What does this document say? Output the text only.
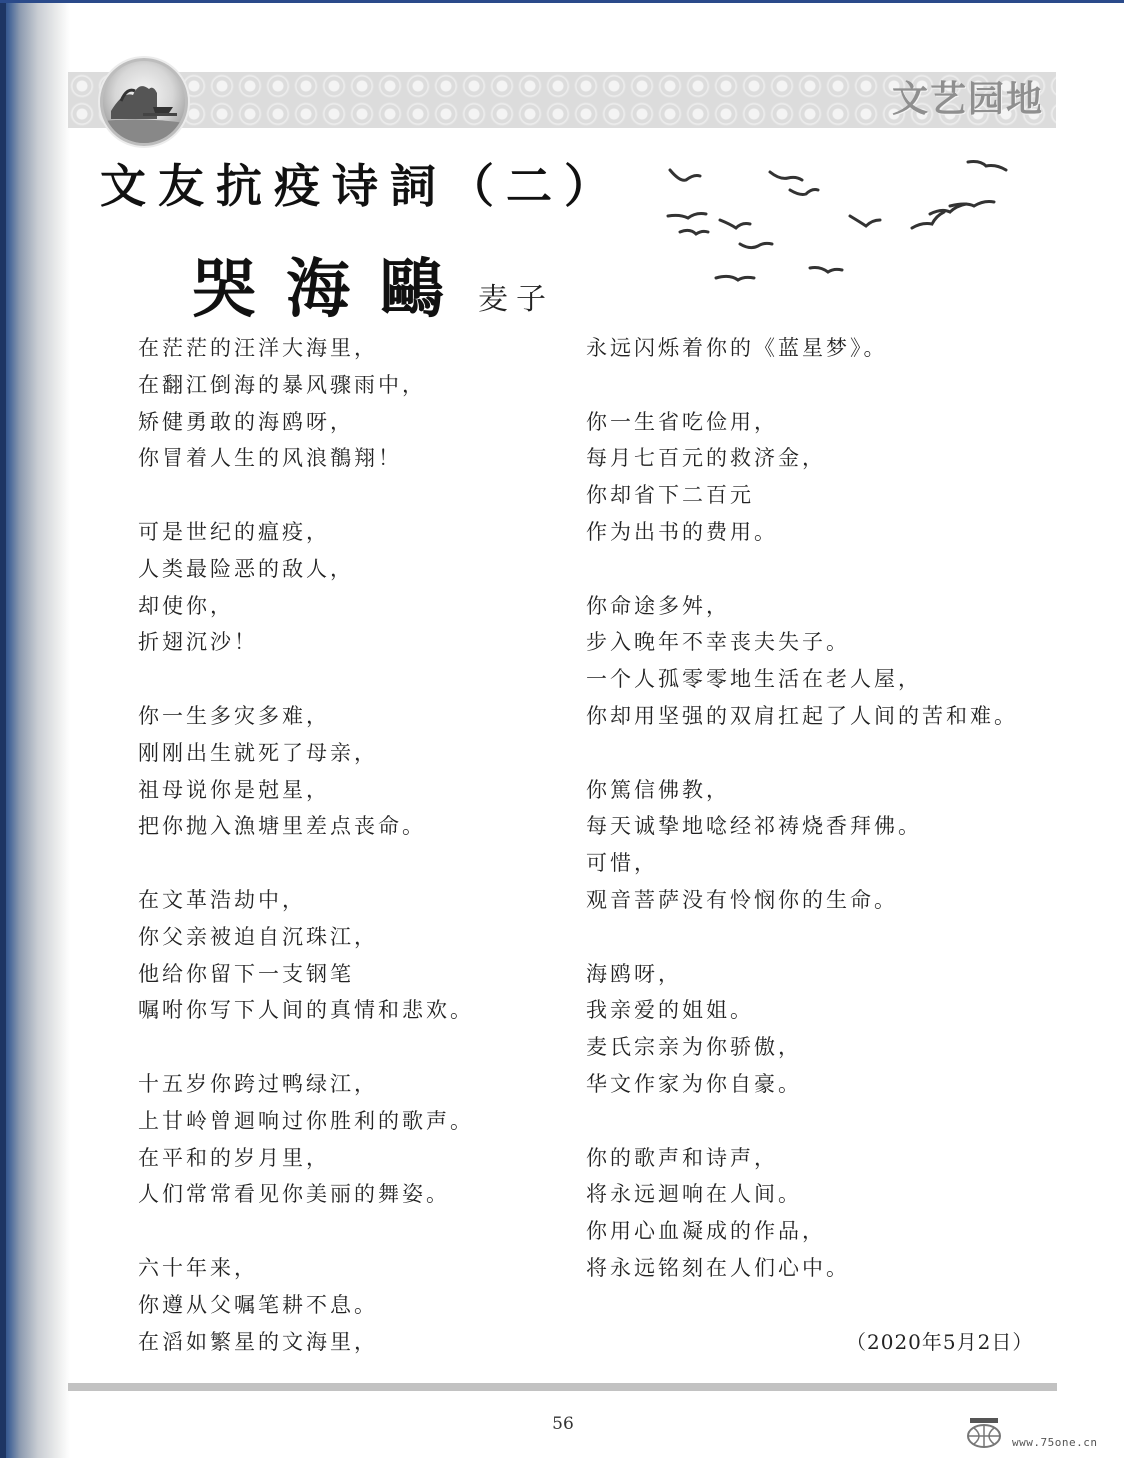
文艺园地
文友抗疫诗詞（二）
哭海鷗 麦子
在茫茫的汪洋大海里，
在翻江倒海的暴风骤雨中，
矫健勇敢的海鸥呀，
你冒着人生的风浪鶺翔！
可是世纪的瘟疫，
人类最险恶的敌人，
却使你，
折翅沉沙！
你一生多灾多难，
刚刚出生就死了母亲，
祖母说你是尅星，
把你抛入漁塘里差点丧命。
在文革浩劫中，
你父亲被迫自沉珠江，
他给你留下一支钢笔
嘱咐你写下人间的真情和悲欢。
十五岁你跨过鸭绿江，
上甘岭曾迴响过你胜利的歌声。
在平和的岁月里，
人们常常看见你美丽的舞姿。
六十年来，
你遵从父嘱笔耕不息。
在滔如繁星的文海里，
永远闪烁着你的《蓝星梦》。
你一生省吃俭用，
每月七百元的救济金，
你却省下二百元
作为出书的费用。
你命途多舛，
步入晚年不幸丧夫失子。
一个人孤零零地生活在老人屋，
你却用坚强的双肩扛起了人间的苦和难。
你篤信佛教，
每天诚挚地唸经祁祷烧香拜佛。
可惜，
观音菩萨没有怜悯你的生命。
海鸥呀，
我亲爱的姐姐。
麦氏宗亲为你骄傲，
华文作家为你自豪。
你的歌声和诗声，
将永远迴响在人间。
你用心血凝成的作品，
将永远铭刻在人们心中。
（2020年5月2日）
56
www.75one.cn
